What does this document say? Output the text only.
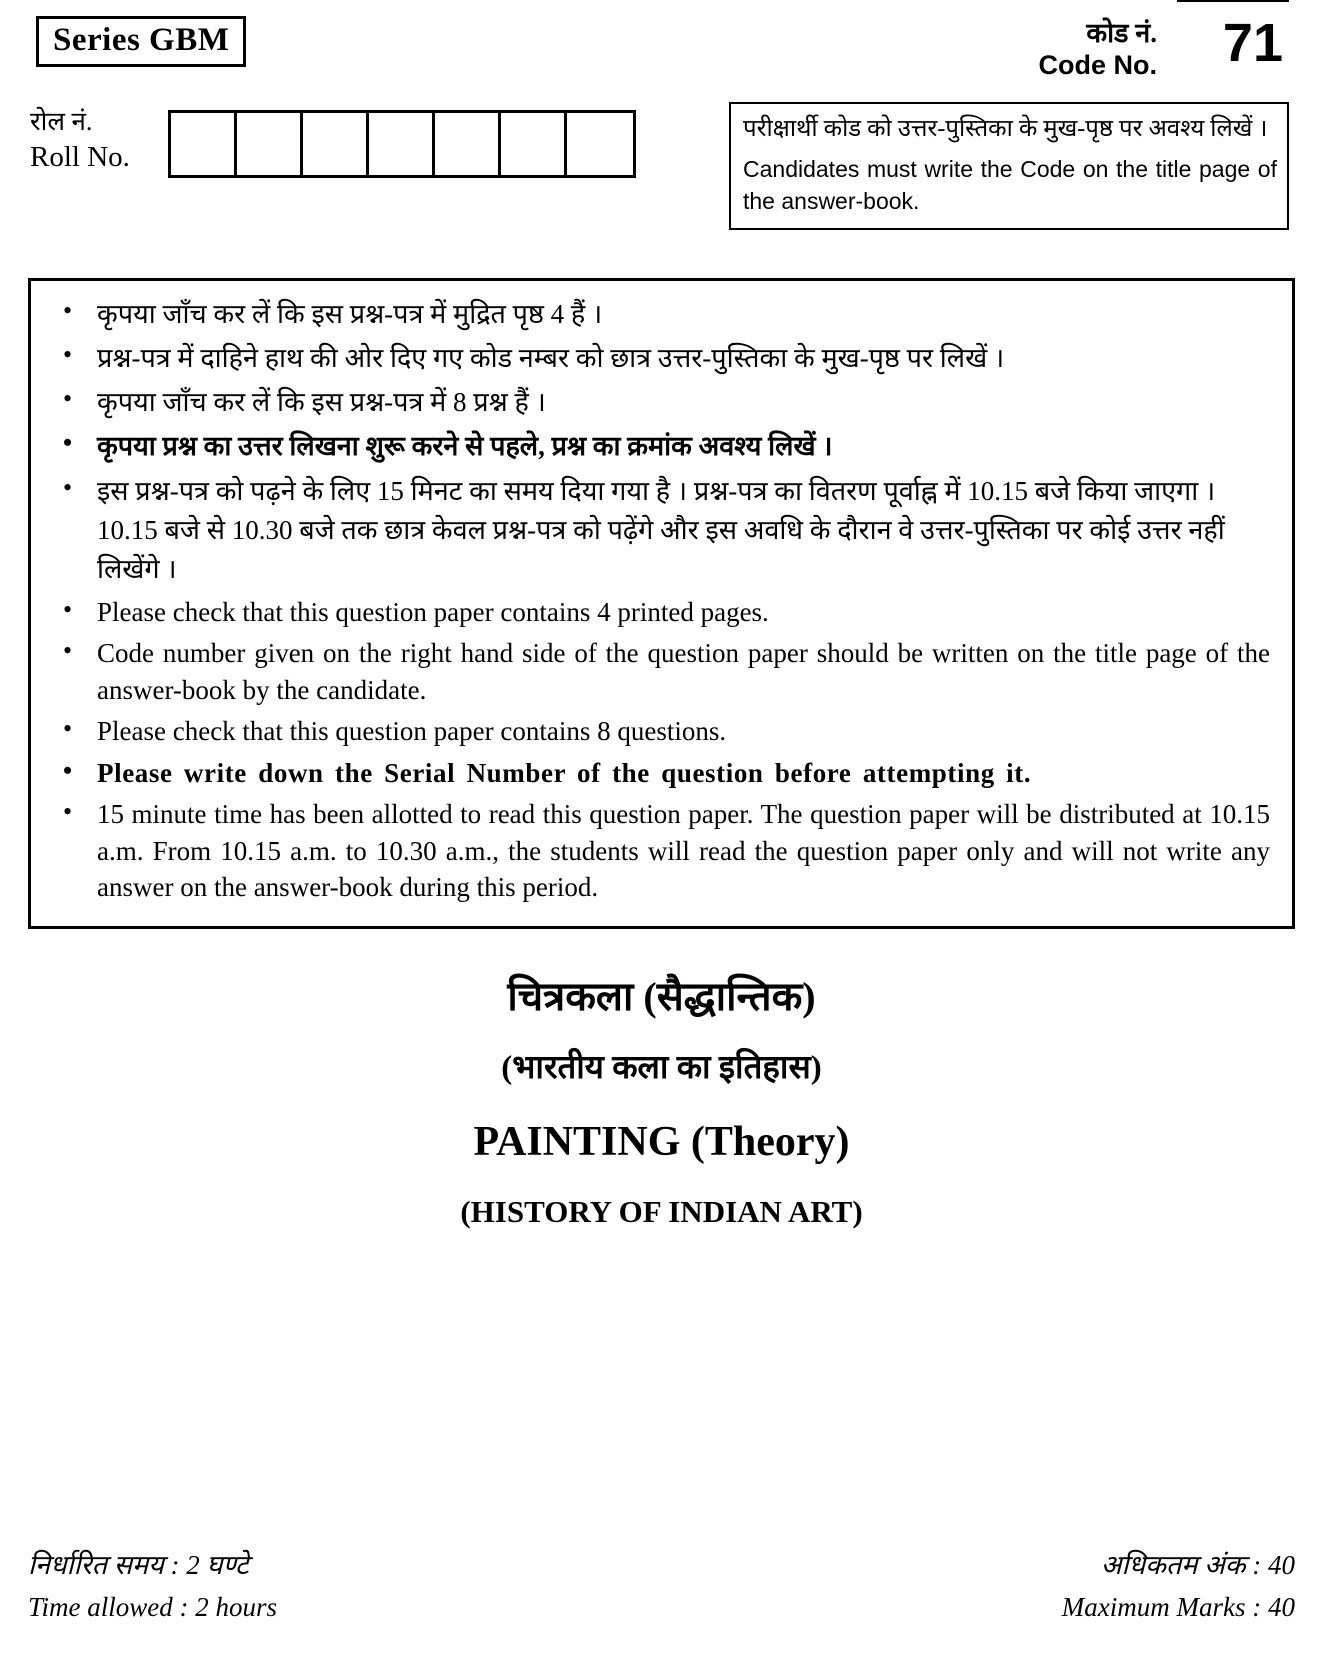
Series GBM	कोड नं.
Code No. 71
रोल नं.
Roll No.

परीक्षार्थी कोड को उत्तर-पुस्तिका के मुख-पृष्ठ पर अवश्य लिखें ।

Candidates must write the Code on the title page of the answer-book.

• कृपया जाँच कर लें कि इस प्रश्न-पत्र में मुद्रित पृष्ठ 4 हैं ।
• प्रश्न-पत्र में दाहिने हाथ की ओर दिए गए कोड नम्बर को छात्र उत्तर-पुस्तिका के मुख-पृष्ठ पर लिखें ।
• कृपया जाँच कर लें कि इस प्रश्न-पत्र में 8 प्रश्न हैं ।
• कृपया प्रश्न का उत्तर लिखना शुरू करने से पहले, प्रश्न का क्रमांक अवश्य लिखें ।
• इस प्रश्न-पत्र को पढ़ने के लिए 15 मिनट का समय दिया गया है । प्रश्न-पत्र का वितरण पूर्वाह्न में 10.15 बजे किया जाएगा । 10.15 बजे से 10.30 बजे तक छात्र केवल प्रश्न-पत्र को पढ़ेंगे और इस अवधि के दौरान वे उत्तर-पुस्तिका पर कोई उत्तर नहीं लिखेंगे ।
• Please check that this question paper contains 4 printed pages.
• Code number given on the right hand side of the question paper should be written on the title page of the answer-book by the candidate.
• Please check that this question paper contains 8 questions.
• Please write down the Serial Number of the question before attempting it.
• 15 minute time has been allotted to read this question paper. The question paper will be distributed at 10.15 a.m. From 10.15 a.m. to 10.30 a.m., the students will read the question paper only and will not write any answer on the answer-book during this period.
चित्रकला (सैद्धान्तिक)
(भारतीय कला का इतिहास)
PAINTING (Theory)
(HISTORY OF INDIAN ART)
निर्धारित समय : 2 घण्टे
Time allowed : 2 hours
अधिकतम अंक : 40
Maximum Marks : 40
